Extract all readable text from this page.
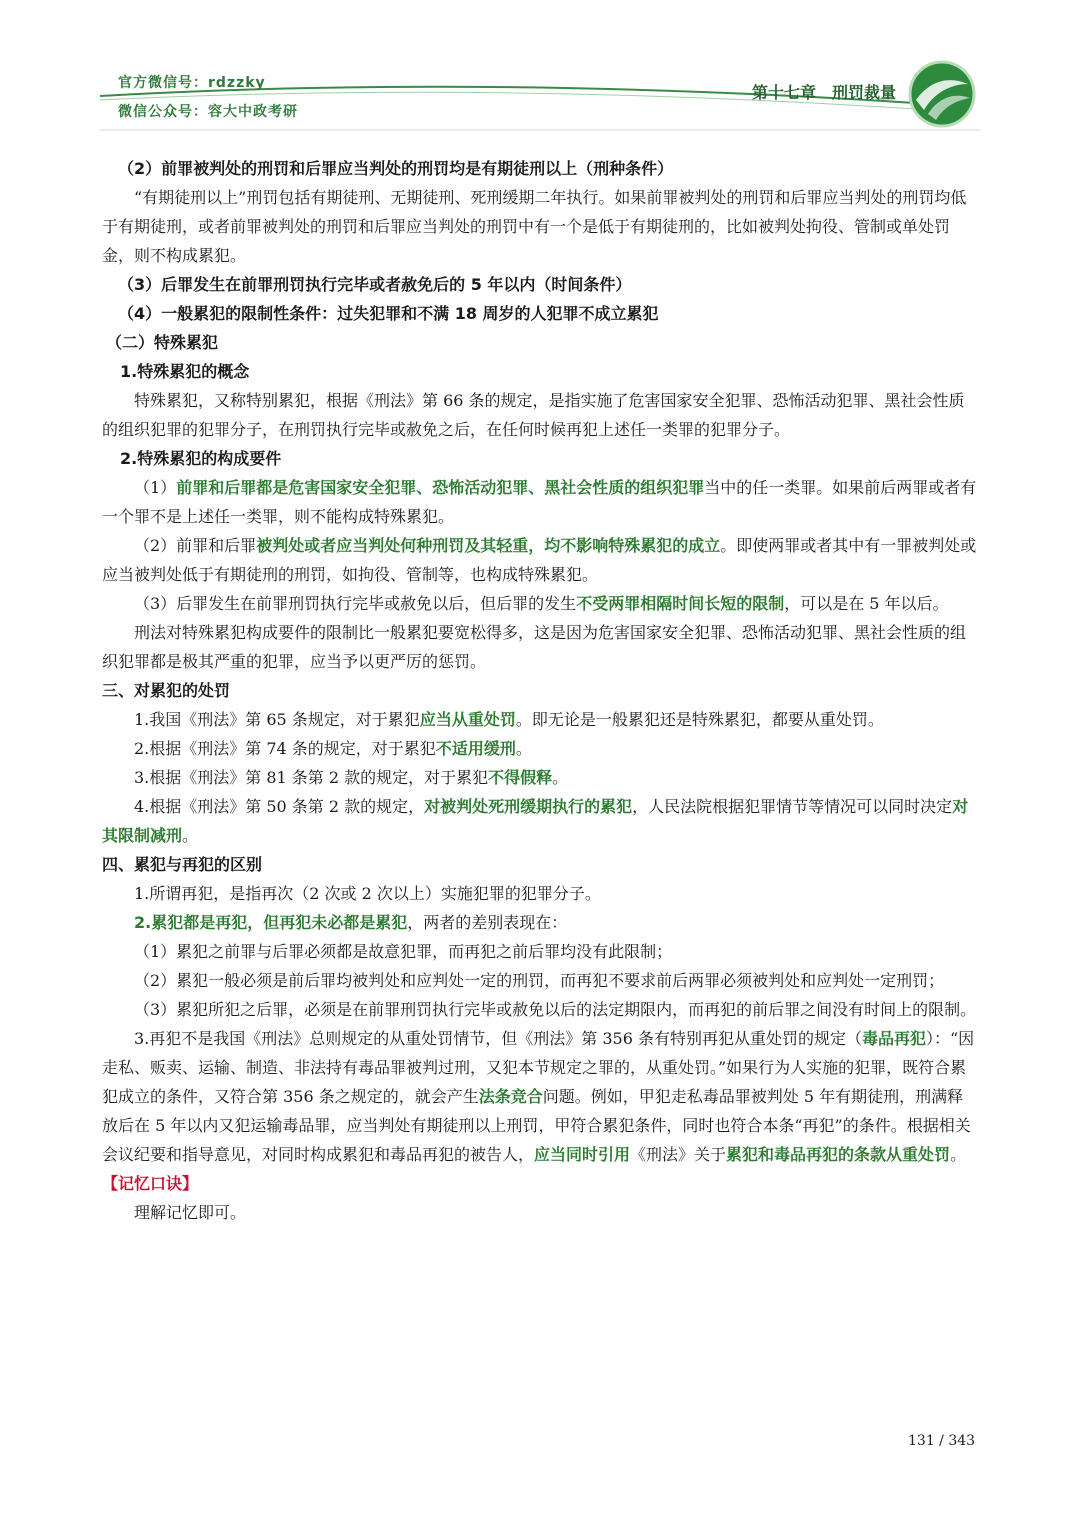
官方微信号：rdzzky
微信公众号：容大中政考研
第十七章　刑罚裁量

（2）前罪被判处的刑罚和后罪应当判处的刑罚均是有期徒刑以上（刑种条件）

“有期徒刑以上”刑罚包括有期徒刑、无期徒刑、死刑缓期二年执行。如果前罪被判处的刑罚和后罪应当判处的刑罚均低于有期徒刑，或者前罪被判处的刑罚和后罪应当判处的刑罚中有一个是低于有期徒刑的，比如被判处拘役、管制或单处罚金，则不构成累犯。

（3）后罪发生在前罪刑罚执行完毕或者赦免后的 5 年以内（时间条件）

（4）一般累犯的限制性条件：过失犯罪和不满 18 周岁的人犯罪不成立累犯

（二）特殊累犯

1.特殊累犯的概念

特殊累犯，又称特别累犯，根据《刑法》第 66 条的规定，是指实施了危害国家安全犯罪、恐怖活动犯罪、黑社会性质的组织犯罪的犯罪分子，在刑罚执行完毕或赦免之后，在任何时候再犯上述任一类罪的犯罪分子。

2.特殊累犯的构成要件

（1）前罪和后罪都是危害国家安全犯罪、恐怖活动犯罪、黑社会性质的组织犯罪当中的任一类罪。如果前后两罪或者有一个罪不是上述任一类罪，则不能构成特殊累犯。

（2）前罪和后罪被判处或者应当判处何种刑罚及其轻重，均不影响特殊累犯的成立。即使两罪或者其中有一罪被判处或应当被判处低于有期徒刑的刑罚，如拘役、管制等，也构成特殊累犯。

（3）后罪发生在前罪刑罚执行完毕或赦免以后，但后罪的发生不受两罪相隔时间长短的限制，可以是在 5 年以后。

刑法对特殊累犯构成要件的限制比一般累犯要宽松得多，这是因为危害国家安全犯罪、恐怖活动犯罪、黑社会性质的组织犯罪都是极其严重的犯罪，应当予以更严厉的惩罚。

三、对累犯的处罚

1.我国《刑法》第 65 条规定，对于累犯应当从重处罚。即无论是一般累犯还是特殊累犯，都要从重处罚。

2.根据《刑法》第 74 条的规定，对于累犯不适用缓刑。

3.根据《刑法》第 81 条第 2 款的规定，对于累犯不得假释。

4.根据《刑法》第 50 条第 2 款的规定，对被判处死刑缓期执行的累犯，人民法院根据犯罪情节等情况可以同时决定对其限制减刑。

四、累犯与再犯的区别

1.所谓再犯，是指再次（2 次或 2 次以上）实施犯罪的犯罪分子。

2.累犯都是再犯，但再犯未必都是累犯，两者的差别表现在：

（1）累犯之前罪与后罪必须都是故意犯罪，而再犯之前后罪均没有此限制；

（2）累犯一般必须是前后罪均被判处和应判处一定的刑罚，而再犯不要求前后两罪必须被判处和应判处一定刑罚；

（3）累犯所犯之后罪，必须是在前罪刑罚执行完毕或赦免以后的法定期限内，而再犯的前后罪之间没有时间上的限制。

3.再犯不是我国《刑法》总则规定的从重处罚情节，但《刑法》第 356 条有特别再犯从重处罚的规定（毒品再犯）：“因走私、贩卖、运输、制造、非法持有毒品罪被判过刑，又犯本节规定之罪的，从重处罚。”如果行为人实施的犯罪，既符合累犯成立的条件，又符合第 356 条之规定的，就会产生法条竞合问题。例如，甲犯走私毒品罪被判处 5 年有期徒刑，刑满释放后在 5 年以内又犯运输毒品罪，应当判处有期徒刑以上刑罚，甲符合累犯条件，同时也符合本条“再犯”的条件。根据相关会议纪要和指导意见，对同时构成累犯和毒品再犯的被告人，应当同时引用《刑法》关于累犯和毒品再犯的条款从重处罚。

【记忆口诀】

理解记忆即可。

131 / 343
